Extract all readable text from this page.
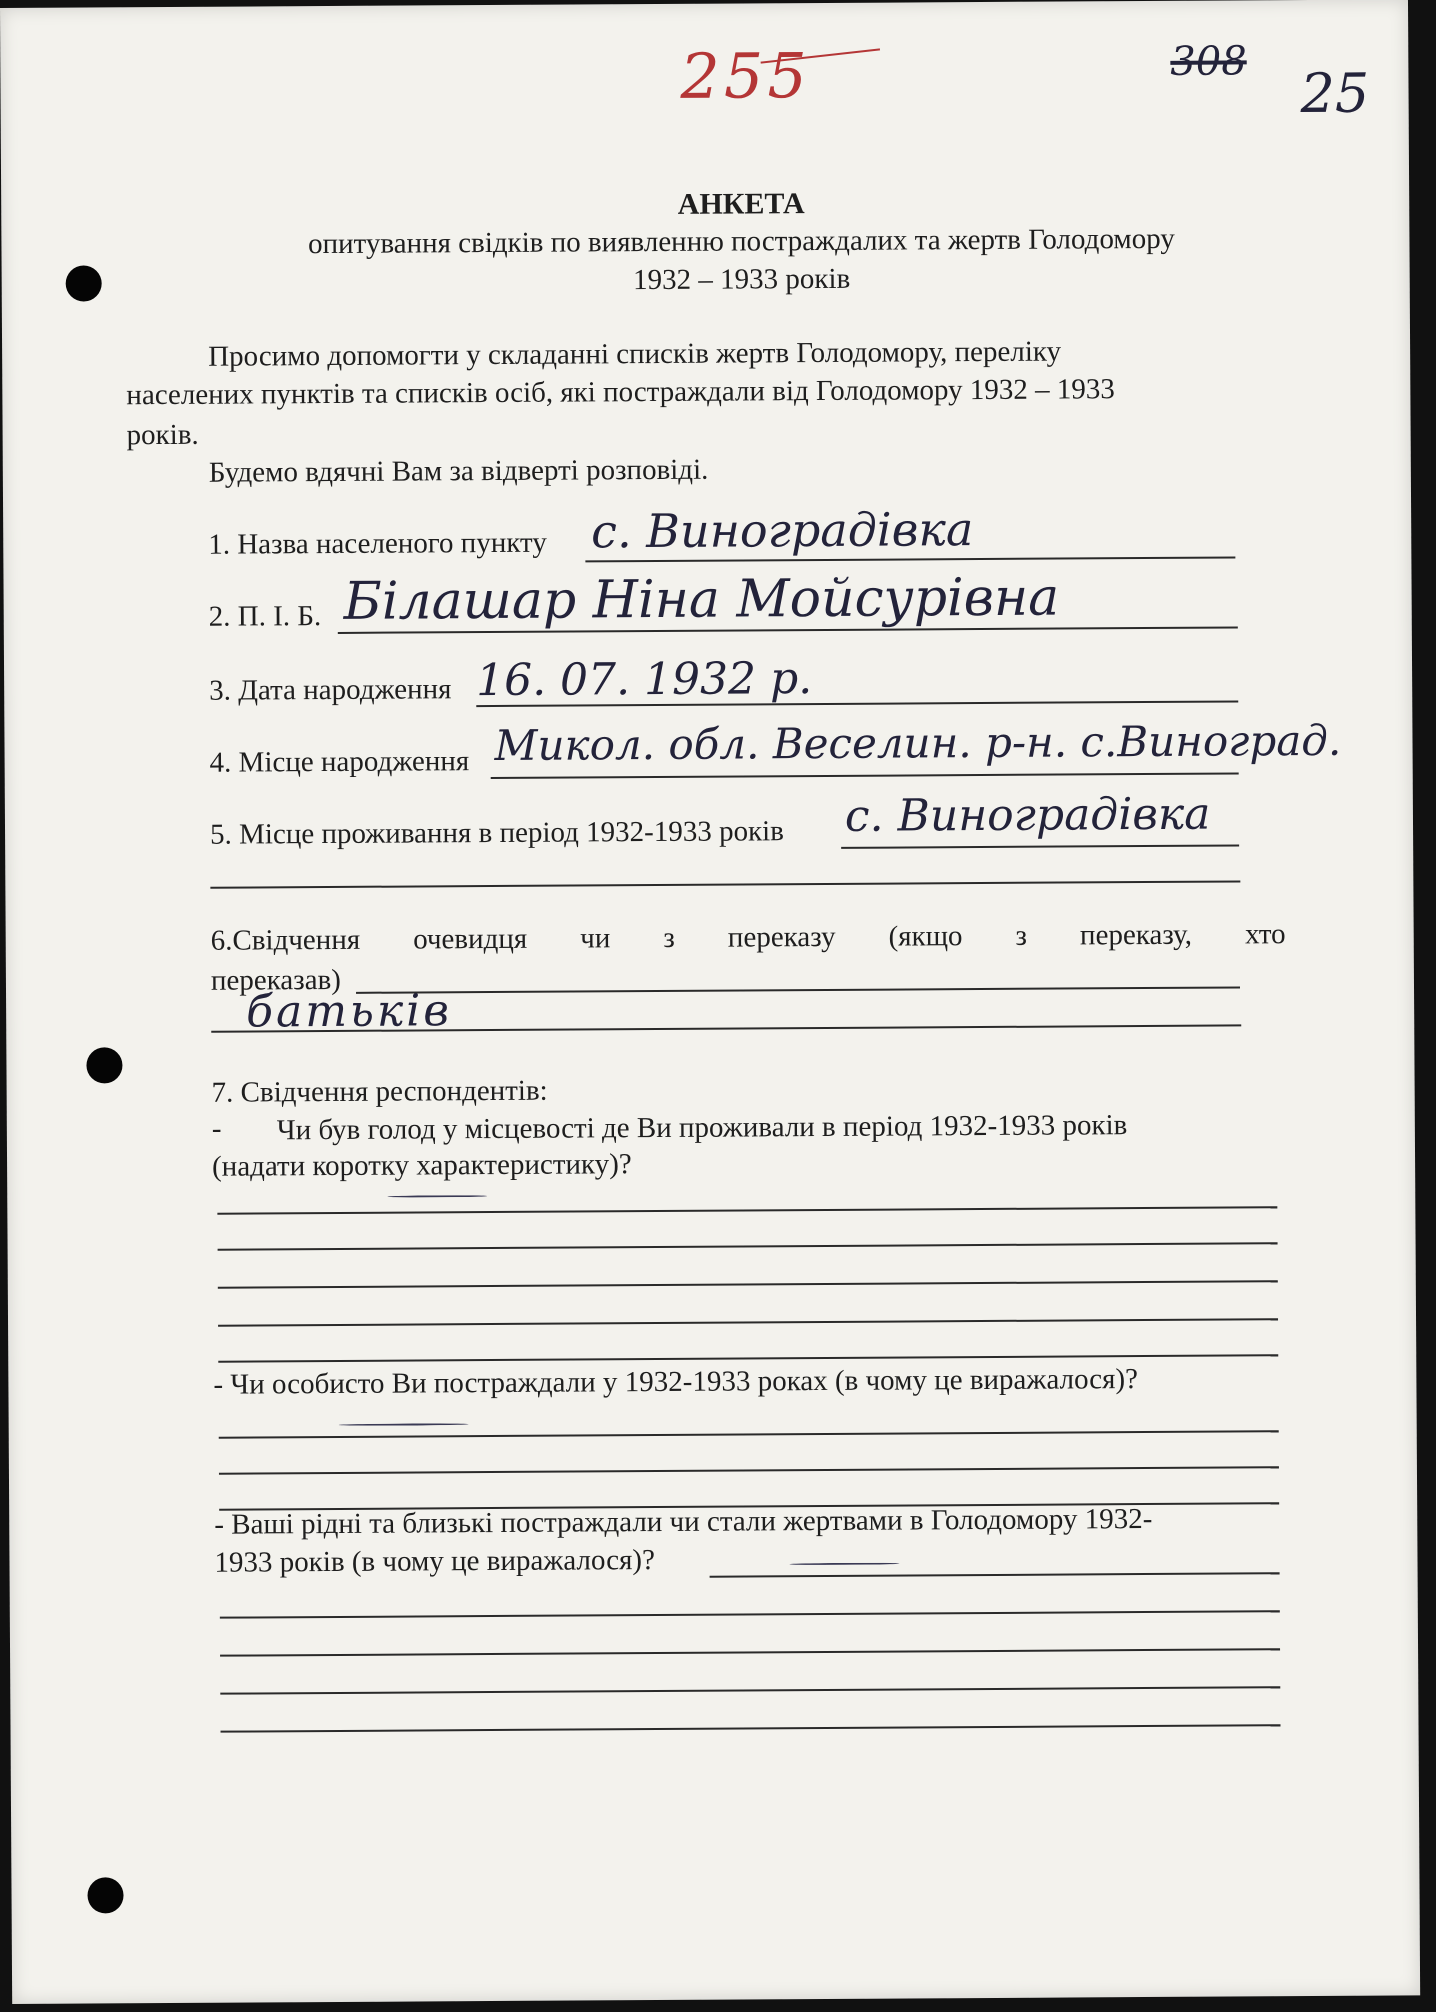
255	308
25
АНКЕТА
опитування свідків по виявленню постраждалих та жертв Голодомору
1932 – 1933 років
Просимо допомогти у складанні списків жертв Голодомору, переліку
населених пунктів та списків осіб, які постраждали від Голодомору 1932 – 1933
років.
Будемо вдячні Вам за відверті розповіді.
1. Назва населеного пункту с. Виноградівка
2. П. І. Б. Білашар Ніна Мойсурівна
3. Дата народження 16. 07. 1932 р.
4. Місце народження Микол. обл. Веселин. р-н. с.Виноград.
5. Місце проживання в період 1932-1933 років с. Виноградівка
6.Свідчення очевидця чи з переказу (якщо з переказу, хто
переказав)
батьків
7. Свідчення респондентів:
- Чи був голод у місцевості де Ви проживали в період 1932-1933 років
(надати коротку характеристику)?
- Чи особисто Ви постраждали у 1932-1933 роках (в чому це виражалося)?
- Ваші рідні та близькі постраждали чи стали жертвами в Голодомору 1932-
1933 років (в чому це виражалося)?
